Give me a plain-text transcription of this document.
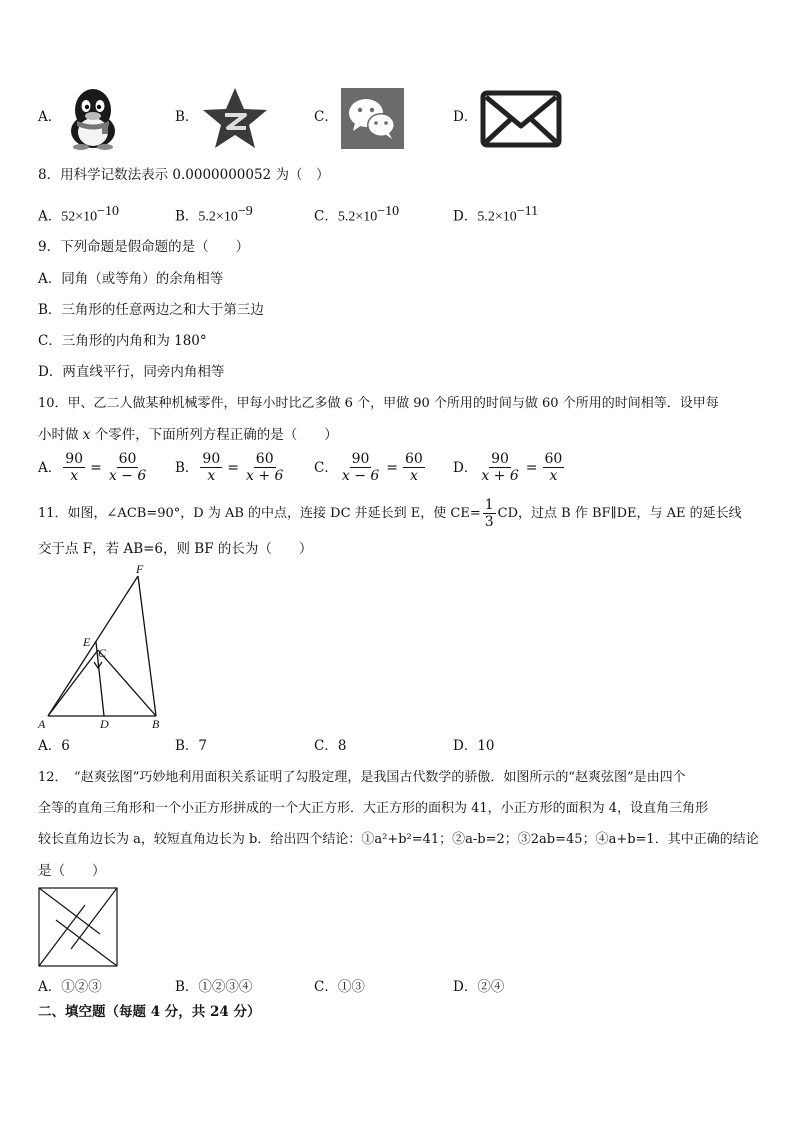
A．	B．	C．	D．
8．用科学记数法表示 0.0000000052 为（　）
A．$52\times 10^{-10}$	B．$5.2\times 10^{-9}$	C．$5.2\times 10^{-10}$	D．$5.2\times 10^{-11}$
9．下列命题是假命题的是（　　）
A．同角（或等角）的余角相等
B．三角形的任意两边之和大于第三边
C．三角形的内角和为 180°
D．两直线平行，同旁内角相等
10．甲、乙二人做某种机械零件，甲每小时比乙多做 6 个，甲做 90 个所用的时间与做 60 个所用的时间相等．设甲每
小时做 x 个零件，下面所列方程正确的是（　　）
A． $\frac{90}{x} = \frac{60}{x - 6}$ B． $\frac{90}{x} = \frac{60}{x + 6}$ C． $\frac{90}{x - 6} = \frac{60}{x}$ D． $\frac{90}{x + 6} = \frac{60}{x}$
11．如图，∠ACB=90°，D 为 AB 的中点，连接 DC 并延长到 E，使 $CE= \frac{1}{3}$ CD，过点 B 作 BF∥DE，与 AE 的延长线
交于点 F，若 AB=6，则 BF 的长为（　　）
F
E
C
A	D	B
A．6	B．7	C．8	D．10
12．　“赵爽弦图”巧妙地利用面积关系证明了勾股定理，是我国古代数学的骄傲．如图所示的“赵爽弦图”是由四个
全等的直角三角形和一个小正方形拼成的一个大正方形．大正方形的面积为 41，小正方形的面积为 4，设直角三角形
较长直角边长为 a，较短直角边长为 b．给出四个结论：①a²+b²=41；②a-b=2；③2ab=45；④a+b=1．其中正确的结论
是（　　）
A．①②③	B．①②③④	C．①③	D．②④
二、填空题（每题 4 分，共 24 分）
